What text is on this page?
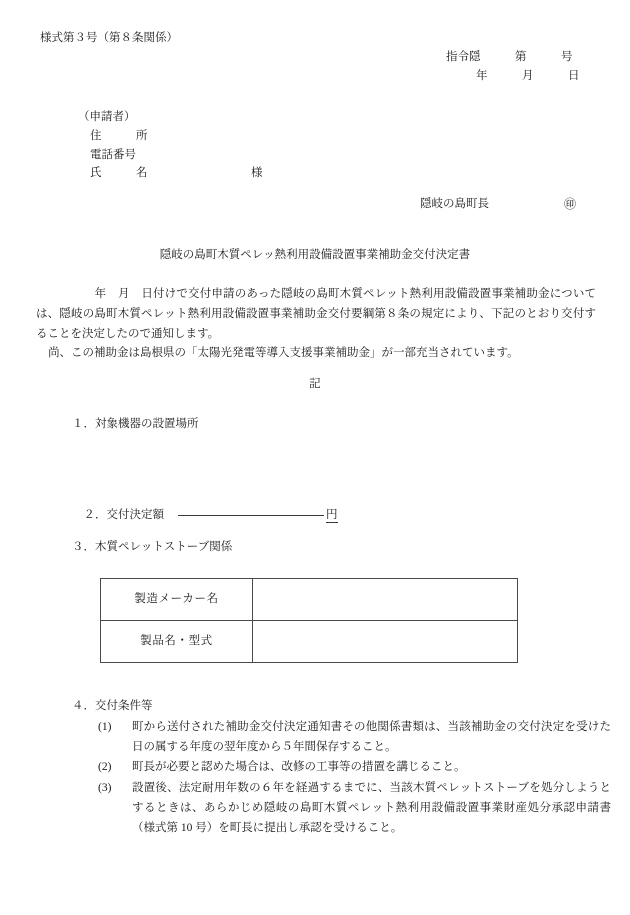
様式第３号（第８条関係）
指令隠　　　第　　　号
年　　　月　　　日
（申請者）
住　　　所
電話番号
氏　　　名	様
隠岐の島町長	㊞
隠岐の島町木質ペレッ熱利用設備設置事業補助金交付決定書

年　月　日付けで交付申請のあった隠岐の島町木質ペレット熱利用設備設置事業補助金については、隠岐の島町木質ペレット熱利用設備設置事業補助金交付要綱第８条の規定により、下記のとおり交付することを決定したので通知します。

尚、この補助金は島根県の「太陽光発電等導入支援事業補助金」が一部充当されています。

記
１．対象機器の設置場所

２．交付決定額	円

３．木質ペレットストーブ関係
製造メーカー名	
製品名・型式	
４．交付条件等
(1)	町から送付された補助金交付決定通知書その他関係書類は、当該補助金の交付決定を受けた日の属する年度の翌年度から５年間保存すること。
(2)	町長が必要と認めた場合は、改修の工事等の措置を講じること。
(3)	設置後、法定耐用年数の６年を経過するまでに、当該木質ペレットストーブを処分しようとするときは、あらかじめ隠岐の島町木質ペレット熱利用設備設置事業財産処分承認申請書（様式第 10 号）を町長に提出し承認を受けること。
